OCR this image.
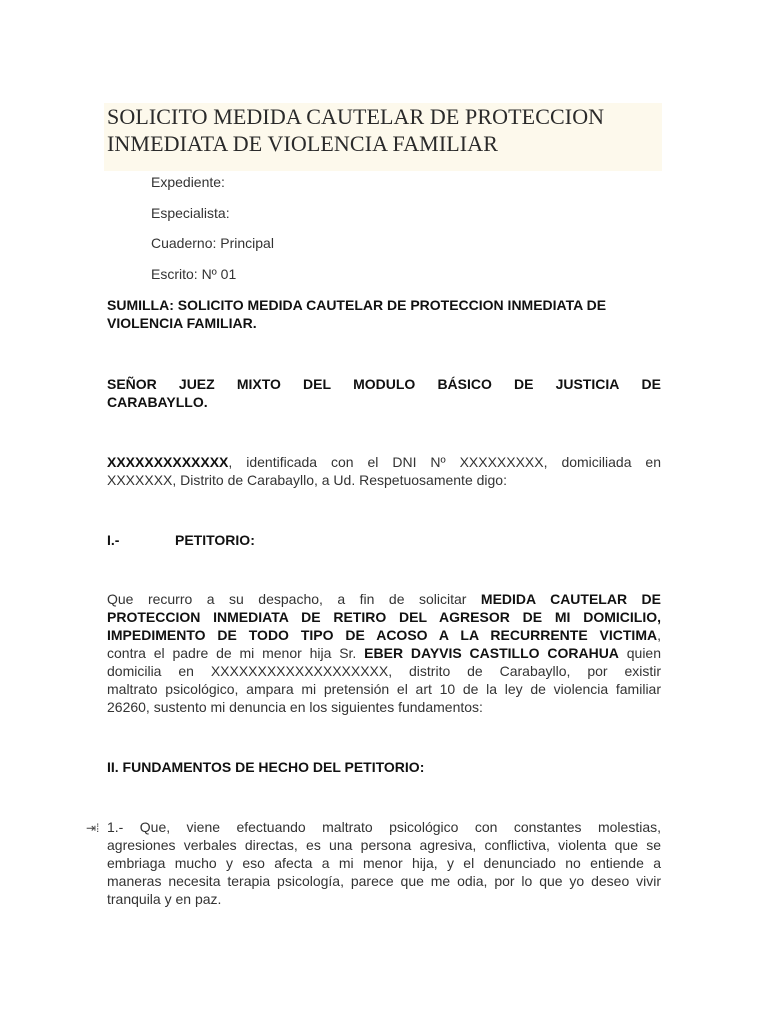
SOLICITO MEDIDA CAUTELAR DE PROTECCION
INMEDIATA DE VIOLENCIA FAMILIAR
Expediente:
Especialista:
Cuaderno: Principal
Escrito: Nº 01
SUMILLA: SOLICITO MEDIDA CAUTELAR DE PROTECCION INMEDIATA DE
VIOLENCIA FAMILIAR.
SEÑOR JUEZ MIXTO DEL MODULO BÁSICO DE JUSTICIA DE
CARABAYLLO.
XXXXXXXXXXXXX, identificada con el DNI Nº XXXXXXXXX, domiciliada en
XXXXXXX, Distrito de Carabayllo, a Ud. Respetuosamente digo:
I.-	PETITORIO:
Que recurro a su despacho, a fin de solicitar MEDIDA CAUTELAR DE
PROTECCION INMEDIATA DE RETIRO DEL AGRESOR DE MI DOMICILIO,
IMPEDIMENTO DE TODO TIPO DE ACOSO A LA RECURRENTE VICTIMA,
contra el padre de mi menor hija Sr. EBER DAYVIS CASTILLO CORAHUA quien
domicilia en XXXXXXXXXXXXXXXXXXX, distrito de Carabayllo, por existir
maltrato psicológico, ampara mi pretensión el art 10 de la ley de violencia familiar
26260, sustento mi denuncia en los siguientes fundamentos:
II. FUNDAMENTOS DE HECHO DEL PETITORIO:
⇥⁞ 1.- Que, viene efectuando maltrato psicológico con constantes molestias,
agresiones verbales directas, es una persona agresiva, conflictiva, violenta que se
embriaga mucho y eso afecta a mi menor hija, y el denunciado no entiende a
maneras necesita terapia psicología, parece que me odia, por lo que yo deseo vivir
tranquila y en paz.
